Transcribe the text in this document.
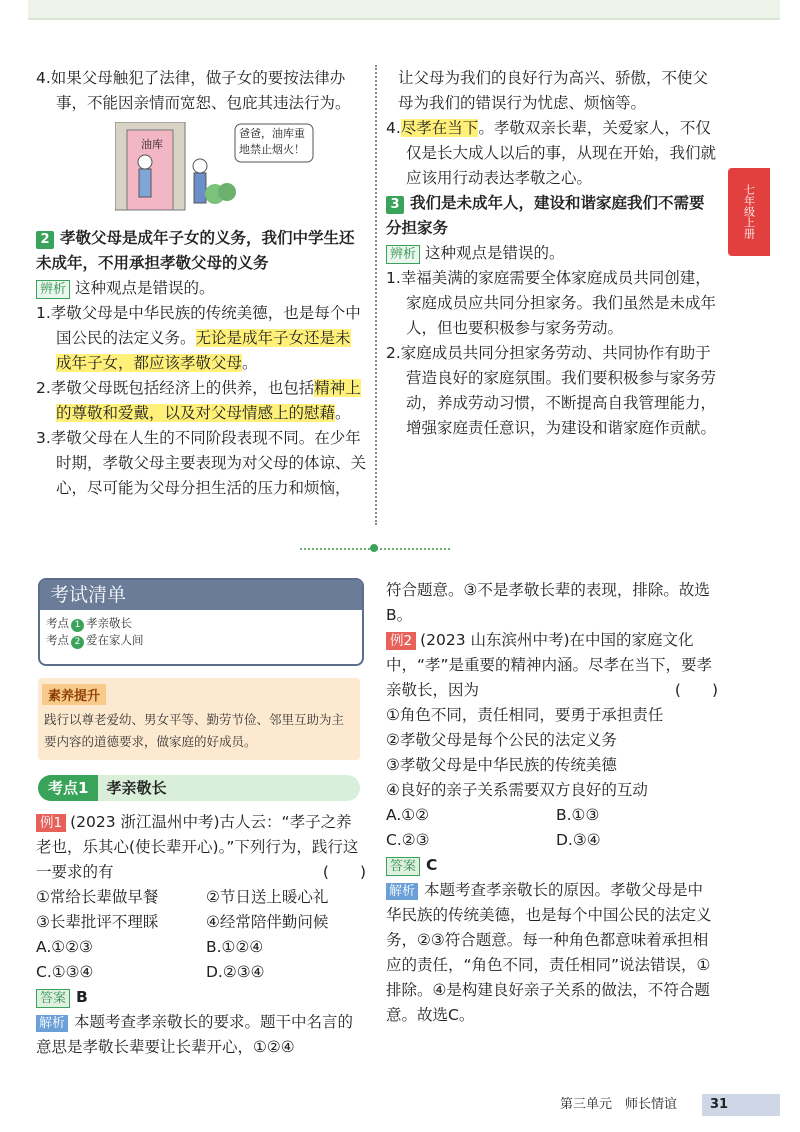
七年级上册

4.如果父母触犯了法律，做子女的要按法律办事，不能因亲情而宽恕、包庇其违法行为。

油库
爸爸，油库重地禁止烟火！

2 孝敬父母是成年子女的义务，我们中学生还未成年，不用承担孝敬父母的义务

辨析 这种观点是错误的。

1.孝敬父母是中华民族的传统美德，也是每个中国公民的法定义务。无论是成年子女还是未成年子女，都应该孝敬父母。

2.孝敬父母既包括经济上的供养，也包括精神上的尊敬和爱戴，以及对父母情感上的慰藉。

3.孝敬父母在人生的不同阶段表现不同。在少年时期，孝敬父母主要表现为对父母的体谅、关心，尽可能为父母分担生活的压力和烦恼，

让父母为我们的良好行为高兴、骄傲，不使父母为我们的错误行为忧虑、烦恼等。

4.尽孝在当下。孝敬双亲长辈，关爱家人，不仅仅是长大成人以后的事，从现在开始，我们就应该用行动表达孝敬之心。

3 我们是未成年人，建设和谐家庭我们不需要分担家务

辨析 这种观点是错误的。

1.幸福美满的家庭需要全体家庭成员共同创建，家庭成员应共同分担家务。我们虽然是未成年人，但也要积极参与家务劳动。

2.家庭成员共同分担家务劳动、共同协作有助于营造良好的家庭氛围。我们要积极参与家务劳动，养成劳动习惯，不断提高自我管理能力，增强家庭责任意识，为建设和谐家庭作贡献。

考试清单
考点 1 孝亲敬长
考点 2 爱在家人间
素养提升
践行以尊老爱幼、男女平等、勤劳节俭、邻里互助为主要内容的道德要求，做家庭的好成员。
考点1 孝亲敬长

例1 (2023 浙江温州中考)古人云：“孝子之养老也，乐其心(使长辈开心)。”下列行为，践行这一要求的有	(　　)

①常给长辈做早餐	②节日送上暖心礼

③长辈批评不理睬	④经常陪伴勤问候

A.①②③	B.①②④

C.①③④	D.②③④

答案 B

解析 本题考查孝亲敬长的要求。题干中名言的意思是孝敬长辈要让长辈开心，①②④

符合题意。③不是孝敬长辈的表现，排除。故选B。

例2 (2023 山东滨州中考)在中国的家庭文化中，“孝”是重要的精神内涵。尽孝在当下，要孝亲敬长，因为	(　　)

①角色不同，责任相同，要勇于承担责任

②孝敬父母是每个公民的法定义务

③孝敬父母是中华民族的传统美德

④良好的亲子关系需要双方良好的互动

A.①②	B.①③

C.②③	D.③④

答案 C

解析 本题考查孝亲敬长的原因。孝敬父母是中华民族的传统美德，也是每个中国公民的法定义务，②③符合题意。每一种角色都意味着承担相应的责任，“角色不同，责任相同”说法错误，①排除。④是构建良好亲子关系的做法，不符合题意。故选C。

第三单元　师长情谊	31
